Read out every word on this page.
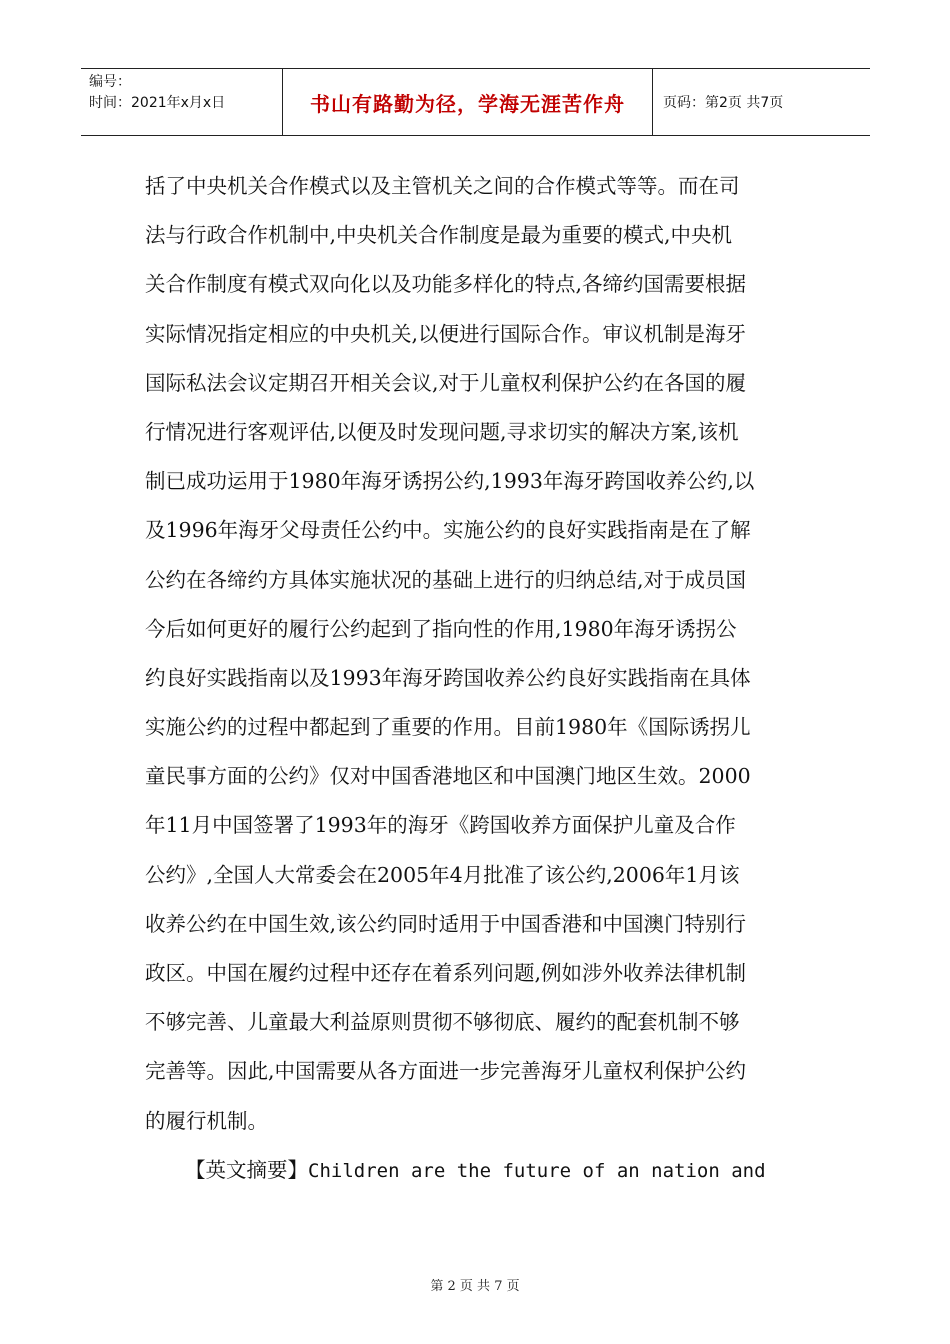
编号：
时间：2021年x月x日	书山有路勤为径，学海无涯苦作舟	页码：第2页 共7页
括了中央机关合作模式以及主管机关之间的合作模式等等。而在司
法与行政合作机制中,中央机关合作制度是最为重要的模式,中央机
关合作制度有模式双向化以及功能多样化的特点,各缔约国需要根据
实际情况指定相应的中央机关,以便进行国际合作。审议机制是海牙
国际私法会议定期召开相关会议,对于儿童权利保护公约在各国的履
行情况进行客观评估,以便及时发现问题,寻求切实的解决方案,该机
制已成功运用于1980年海牙诱拐公约,1993年海牙跨国收养公约,以
及1996年海牙父母责任公约中。实施公约的良好实践指南是在了解
公约在各缔约方具体实施状况的基础上进行的归纳总结,对于成员国
今后如何更好的履行公约起到了指向性的作用,1980年海牙诱拐公
约良好实践指南以及1993年海牙跨国收养公约良好实践指南在具体
实施公约的过程中都起到了重要的作用。目前1980年《国际诱拐儿
童民事方面的公约》仅对中国香港地区和中国澳门地区生效。2000
年11月中国签署了1993年的海牙《跨国收养方面保护儿童及合作
公约》,全国人大常委会在2005年4月批准了该公约,2006年1月该
收养公约在中国生效,该公约同时适用于中国香港和中国澳门特别行
政区。中国在履约过程中还存在着系列问题,例如涉外收养法律机制
不够完善、儿童最大利益原则贯彻不够彻底、履约的配套机制不够
完善等。因此,中国需要从各方面进一步完善海牙儿童权利保护公约
的履行机制。
【英文摘要】Children are the future of an nation and
第 2 页 共 7 页
